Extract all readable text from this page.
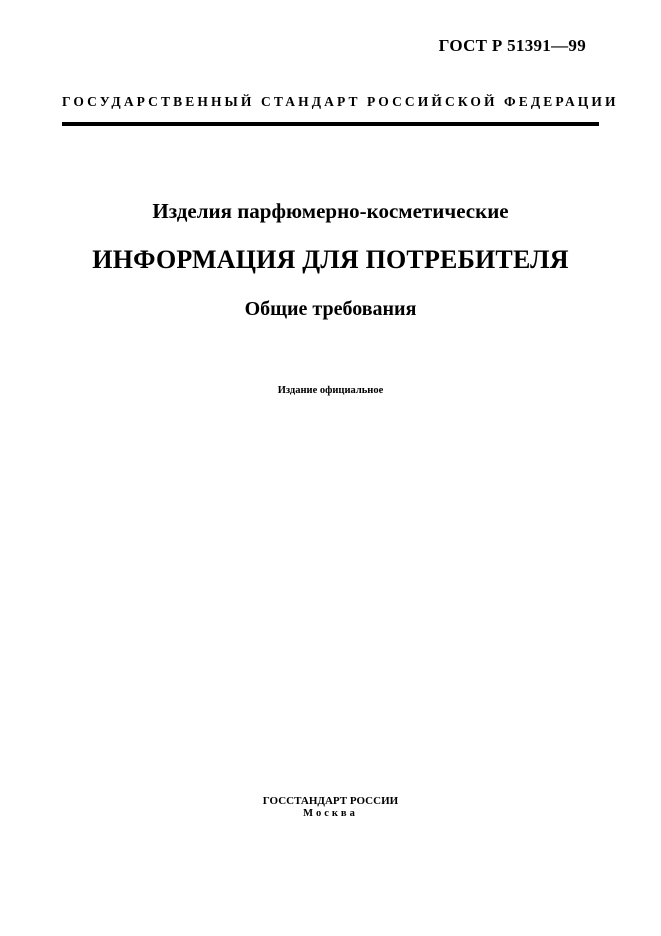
ГОСТ Р 51391—99
ГОСУДАРСТВЕННЫЙ СТАНДАРТ РОССИЙСКОЙ ФЕДЕРАЦИИ
Изделия парфюмерно-косметические
ИНФОРМАЦИЯ ДЛЯ ПОТРЕБИТЕЛЯ
Общие требования
Издание официальное
ГОССТАНДАРТ РОССИИ
Москва
